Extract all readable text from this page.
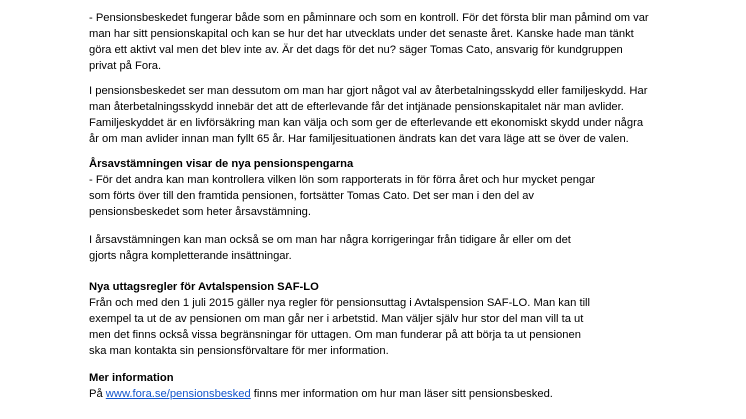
- Pensionsbeskedet fungerar både som en påminnare och som en kontroll. För det första blir man påmind om var
man har sitt pensionskapital och kan se hur det har utvecklats under det senaste året. Kanske hade man tänkt
göra ett aktivt val men det blev inte av. Är det dags för det nu? säger Tomas Cato, ansvarig för kundgruppen
privat på Fora.
I pensionsbeskedet ser man dessutom om man har gjort något val av återbetalningsskydd eller familjeskydd. Har
man återbetalningsskydd innebär det att de efterlevande får det intjänade pensionskapitalet när man avlider.
Familjeskyddet är en livförsäkring man kan välja och som ger de efterlevande ett ekonomiskt skydd under några
år om man avlider innan man fyllt 65 år. Har familjesituationen ändrats kan det vara läge att se över de valen.
Årsavstämningen visar de nya pensionspengarna
- För det andra kan man kontrollera vilken lön som rapporterats in för förra året och hur mycket pengar
som förts över till den framtida pensionen, fortsätter Tomas Cato. Det ser man i den del av
pensionsbeskedet som heter årsavstämning.
I årsavstämningen kan man också se om man har några korrigeringar från tidigare år eller om det
gjorts några kompletterande insättningar.
Nya uttagsregler för Avtalspension SAF-LO
Från och med den 1 juli 2015 gäller nya regler för pensionsuttag i Avtalspension SAF-LO. Man kan till
exempel ta ut de av pensionen om man går ner i arbetstid. Man väljer själv hur stor del man vill ta ut
men det finns också vissa begränsningar för uttagen. Om man funderar på att börja ta ut pensionen
ska man kontakta sin pensionsförvaltare för mer information.
Mer information
På www.fora.se/pensionsbesked finns mer information om hur man läser sitt pensionsbesked.
